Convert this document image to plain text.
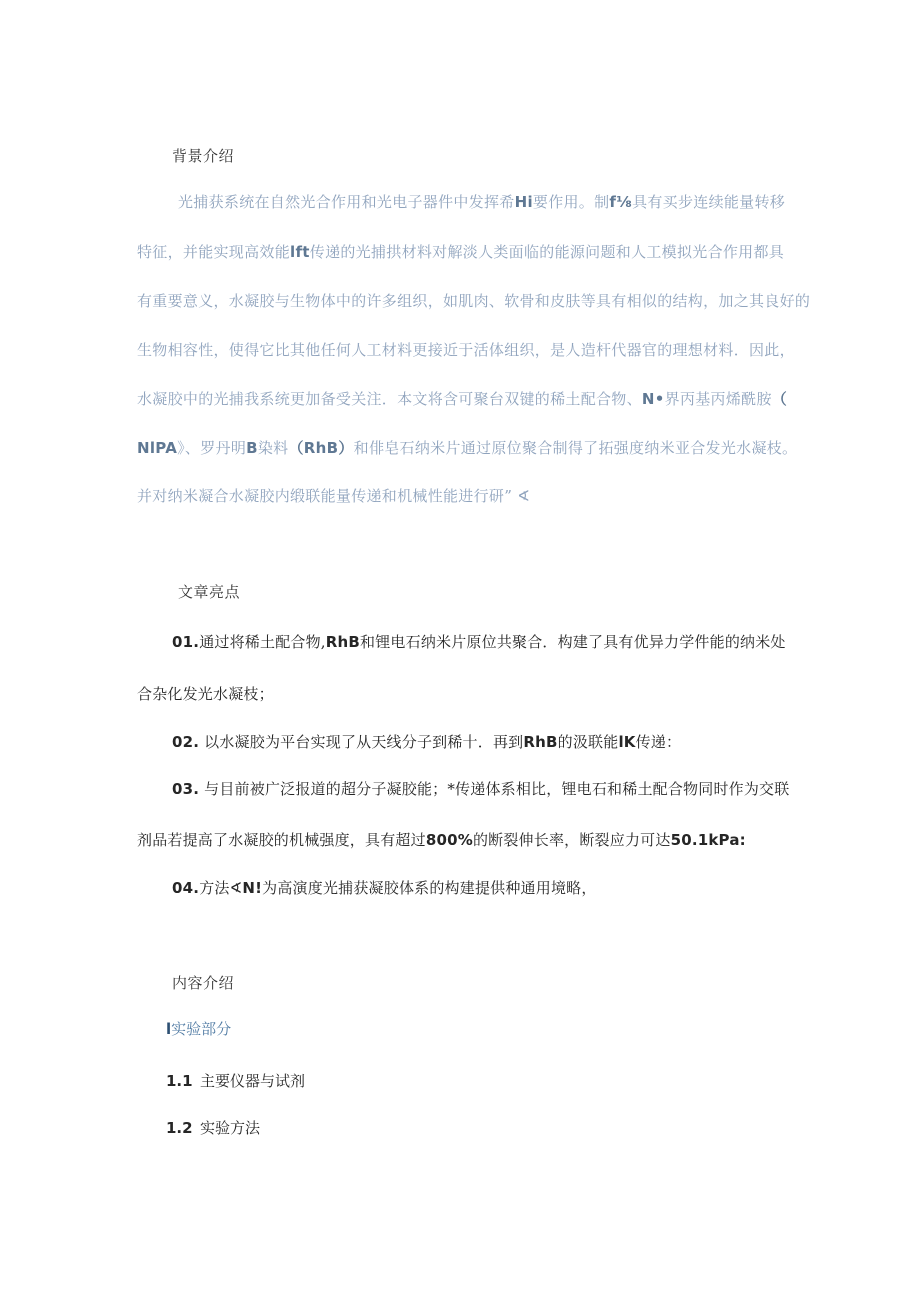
背景介绍
光捕获系统在自然光合作用和光电子器件中发挥希Hi要作用。制f⅛具有买步连续能量转移
特征，并能实现高效能lft传递的光捕拱材料对解淡人类面临的能源问题和人工模拟光合作用都具
有重要意义，水凝胶与生物体中的许多组织，如肌肉、软骨和皮肤等具有相似的结构，加之其良好的
生物相容性，使得它比其他任何人工材料更接近于活体组织，是人造杆代器官的理想材料．因此，
水凝胶中的光捕我系统更加备受关注．本文将含可聚台双键的稀土配合物、N•界丙基丙烯酰胺（
NlPA》、罗丹明B染料（RhB）和俳皂石纳米片通过原位聚合制得了拓强度纳米亚合发光水凝枝。
并对纳米凝合水凝胶内缎联能量传递和机械性能进行研” ∢
文章亮点
01.通过将稀土配合物,RhB和锂电石纳米片原位共聚合．构建了具有优异力学件能的纳米处
合杂化发光水凝枝；
02. 以水凝胶为平台实现了从天线分子到稀十．再到RhB的汲联能lK传递：
03. 与目前被广泛报道的超分子凝胶能；*传递体系相比，锂电石和稀土配合物同时作为交联
剂品若提高了水凝胶的机械强度，具有超过800%的断裂伸长率，断裂应力可达50.1kPa:
04.方法∢N!为高演度光捕获凝胶体系的构建提供种通用境略，
内容介绍
l实验部分
1.1 主要仪器与试剂
1.2 实验方法
